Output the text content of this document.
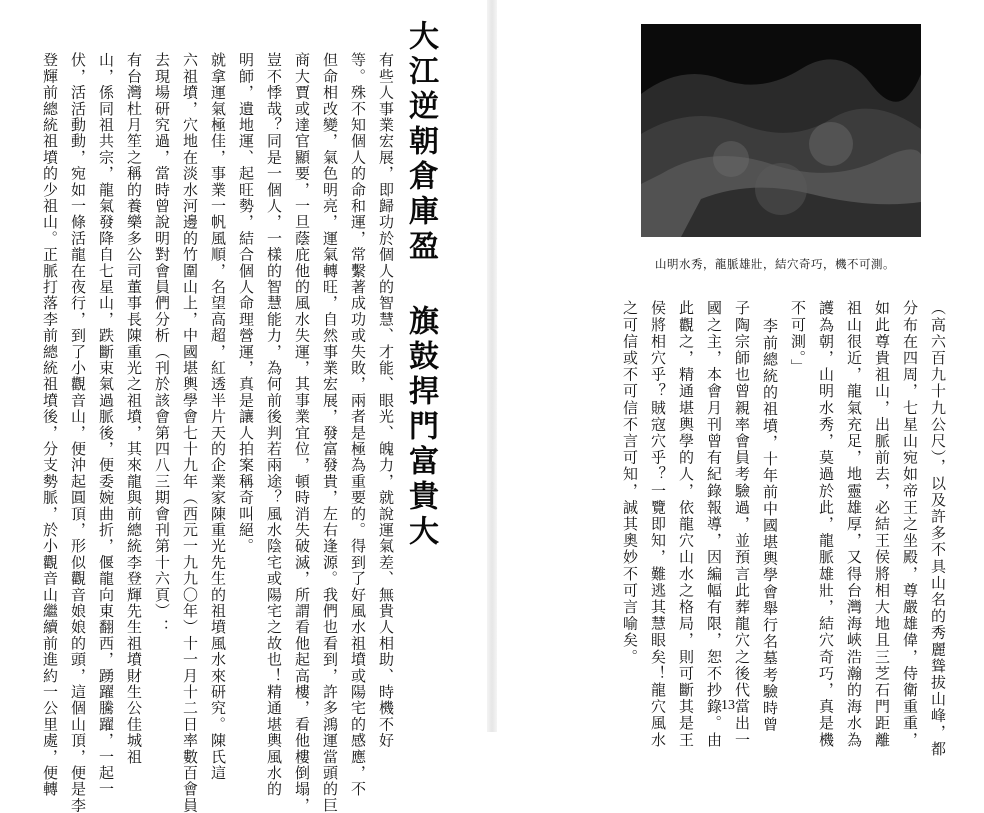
大江逆朝倉庫盈 旗鼓捍門富貴大
有些人事業宏展，即歸功於個人的智慧、才能、眼光、魄力，就說運氣差、無貴人相助、時機不好
等。殊不知個人的命和運，常繫著成功或失敗，兩者是極為重要的。得到了好風水祖墳或陽宅的感應，不
但命相改變，氣色明亮，運氣轉旺，自然事業宏展，發富發貴，左右逢源。我們也看到，許多鴻運當頭的巨
商大賈或達官顯要，一旦蔭庇他的風水失運，其事業宜位，頓時消失破滅，所謂看他起高樓，看他樓倒塌，
豈不悸哉？同是一個人，一樣的智慧能力，為何前後判若兩途？風水陰宅或陽宅之故也！精通堪輿風水的
明師，遺地運、起旺勢，結合個人命理營運，真是讓人拍案稱奇叫絕。
就拿運氣極佳，事業一帆風順，名望高超，紅透半片天的企業家陳重光先生的祖墳風水來研究。陳氏這
六祖墳，穴地在淡水河邊的竹圍山上，中國堪輿學會七十九年（西元一九九〇年）十一月十二日率數百會員
去現場研究過，當時曾說明對會員們分析（刊於該會第四八三期會刊第十六頁）：
有台灣杜月笙之稱的養樂多公司董事長陳重光之祖墳，其來龍與前總統李登輝先生祖墳財生公佳城祖
山，係同祖共宗，龍氣發降自七星山，跌斷束氣過脈後，便委婉曲折，偃龍向東翻西，踴躍騰躍，一起一
伏，活活動動，宛如一條活龍在夜行，到了小觀音山，便沖起圓頂，形似觀音娘娘的頭，這個山頂，便是李
登輝前總統祖墳的少祖山。正脈打落李前總統祖墳後，分支勢脈，於小觀音山繼續前進約一公里處，便轉	山明水秀，龍脈雄壯，結穴奇巧，機不可測。
（高六百九十九公尺），以及許多不具山名的秀麗聳拔山峰，都
分布在四周，七星山宛如帝王之坐殿，尊嚴雄偉，侍衛重重，
如此尊貴祖山，出脈前去，必結王侯將相大地且三芝石門距離
祖山很近，龍氣充足，地靈雄厚，又得台灣海峽浩瀚的海水為
護為朝，山明水秀，莫過於此，龍脈雄壯，結穴奇巧，真是機
不可測。」
李前總統的祖墳，十年前中國堪輿學會舉行名墓考驗時曾
子陶宗師也曾親率會員考驗過，並預言此葬龍穴之後代當出一
國之主，本會月刊曾有紀錄報導，因編幅有限，恕不抄錄。由
此觀之，精通堪輿學的人，依龍穴山水之格局，則可斷其是王
侯將相穴乎？賊寇穴乎？一覽即知，難逃其慧眼矣！龍穴風水
之可信或不可信不言可知，誠其奧妙不可言喻矣。
13
